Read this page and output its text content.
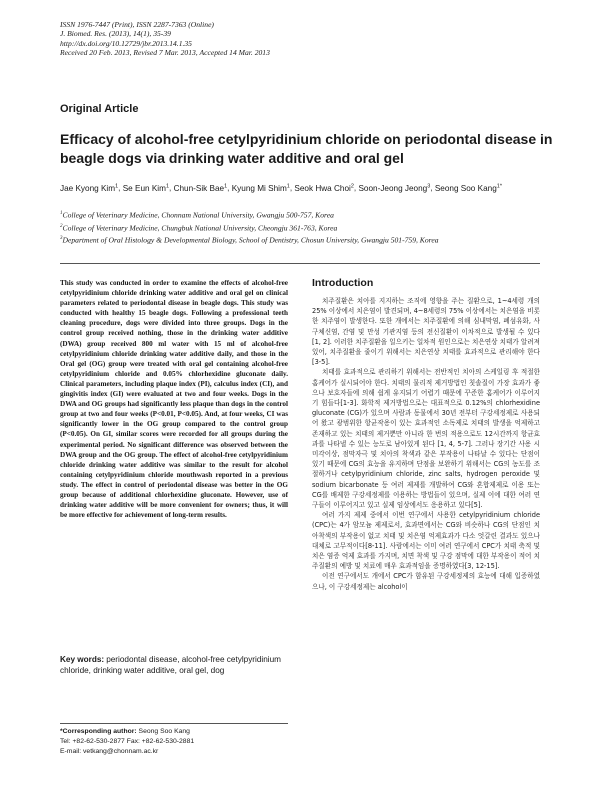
ISSN 1976-7447 (Print), ISSN 2287-7363 (Online)
J. Biomed. Res. (2013), 14(1), 35-39
http://dx.doi.org/10.12729/jbr.2013.14.1.35
Received 20 Feb. 2013, Revised 7 Mar. 2013, Accepted 14 Mar. 2013
Original Article
Efficacy of alcohol-free cetylpyridinium chloride on periodontal disease in beagle dogs via drinking water additive and oral gel
Jae Kyong Kim$^1$, Se Eun Kim$^1$, Chun-Sik Bae$^1$, Kyung Mi Shim$^1$, Seok Hwa Choi$^2$, Soon-Jeong Jeong$^3$, Seong Soo Kang$^{1*}$
$^1$College of Veterinary Medicine, Chonnam National University, Gwangju 500-757, Korea
$^2$College of Veterinary Medicine, Chungbuk National University, Cheongju 361-763, Korea
$^3$Department of Oral Histology & Developmental Biology, School of Dentistry, Chosun University, Gwangju 501-759, Korea
This study was conducted in order to examine the effects of alcohol-free cetylpyridinium chloride drinking water additive and oral gel on clinical parameters related to periodontal disease in beagle dogs. This study was conducted with healthy 15 beagle dogs. Following a professional teeth cleaning procedure, dogs were divided into three groups. Dogs in the control group received nothing, those in the drinking water additive (DWA) group received 800 ml water with 15 ml of alcohol-free cetylpyridinium chloride drinking water additive daily, and those in the Oral gel (OG) group were treated with oral gel containing alcohol-free cetylpyridinium chloride and 0.05% chlorhexidine gluconate daily. Clinical parameters, including plaque index (PI), calculus index (CI), and gingivitis index (GI) were evaluated at two and four weeks. Dogs in the DWA and OG groups had significantly less plaque than dogs in the control group at two and four weeks (P<0.01, P<0.05). And, at four weeks, CI was significantly lower in the OG group compared to the control group (P<0.05). On GI, similar scores were recorded for all groups during the experimental period. No significant difference was observed between the DWA group and the OG group. The effect of alcohol-free cetylpyridinium chloride drinking water additive was similar to the result for alcohol containing cetylpyridinium chloride mouthwash reported in a previous study. The effect in control of periodontal disease was better in the OG group because of additional chlorhexidine gluconate. However, use of drinking water additive will be more convenient for owners; thus, it will be more effective for achievement of long-term results.
Key words: periodontal disease, alcohol-free cetylpyridinium chloride, drinking water additive, oral gel, dog
*Corresponding author: Seong Soo Kang
Tel: +82-62-530-2877 Fax: +82-62-530-2881
E-mail: vetkang@chonnam.ac.kr
Introduction

치주질환은 치아를 지지하는 조직에 영향을 주는 질환으로, 1~4세령 개의 25% 이상에서 치은염이 발견되며, 4~8세령의 75% 이상에서는 치은염을 비롯한 치주염이 발생한다. 또한 개에서는 치주질환에 의해 심내막염, 폐섬유화, 사구체신염, 간염 및 만성 기관지염 등의 전신질환이 이차적으로 발생될 수 있다[1, 2]. 이러한 치주질환을 일으키는 일차적 원인으로는 치은연상 치태가 알려져 있어, 치주질환을 줄이기 위해서는 치은연상 치태를 효과적으로 관리해야 한다[3-5].

치태를 효과적으로 관리하기 위해서는 전반적인 치아의 스케일링 후 적절한 홈케어가 실시되어야 한다. 치태의 물리적 제거방법인 칫솔질이 가장 효과가 좋으나 보호자들에 의해 쉽게 유지되기 어렵기 때문에 꾸준한 홈케어가 이루어지기 힘들다[1-3]. 화학적 제거방법으로는 대표적으로 0.12%의 chlorhexidine gluconate (CG)가 있으며 사람과 동물에서 30년 전부터 구강세정제로 사용되어 왔고 광범위한 항균작용이 있는 효과적인 소독제로 치태의 발생을 억제하고 존재하고 있는 치태의 제거뿐만 아니라 한 번의 적용으로도 12시간까지 항균효과를 나타낼 수 있는 능도로 남아있게 된다 [1, 4, 5-7]. 그러나 장기간 사용 시 미각이상, 점막자극 및 치아의 착색과 같은 부작용이 나타날 수 있다는 단점이 있기 때문에 CG의 효능을 유지하며 단점을 보완하기 위해서는 CG의 농도를 조절하거나 cetylpyridinium chloride, zinc salts, hydrogen peroxide 및 sodium bicarbonate 등 여러 제제를 개발하여 CG와 혼합제제로 이용 또는 CG를 배제한 구강세정제를 이용하는 방법들이 있으며, 실제 이에 대한 여러 연구들이 이루어지고 있고 실제 임상에서도 응용하고 있다[5].

여러 가지 제제 중에서 이번 연구에서 사용한 cetylpyridinium chloride (CPC)는 4가 암모늄 제제로서, 효과면에서는 CG와 비슷하나 CG의 단점인 치아착색의 부작용이 없고 치태 및 치은염 억제효과가 다소 엇갈린 결과도 있으나 대체로 고무적이다[8-11]. 사람에서는 이미 여러 연구에서 CPC가 치태 축적 및 치은 염증 억제 효과를 가지며, 치면 착색 및 구강 점막에 대한 부작용이 적어 치주질환의 예방 및 치료에 매우 효과적임을 증명하였다[3, 12-15].

이전 연구에서도 개에서 CPC가 함유된 구강세정제의 효능에 대해 입증하였으나, 이 구강세정제는 alcohol이
